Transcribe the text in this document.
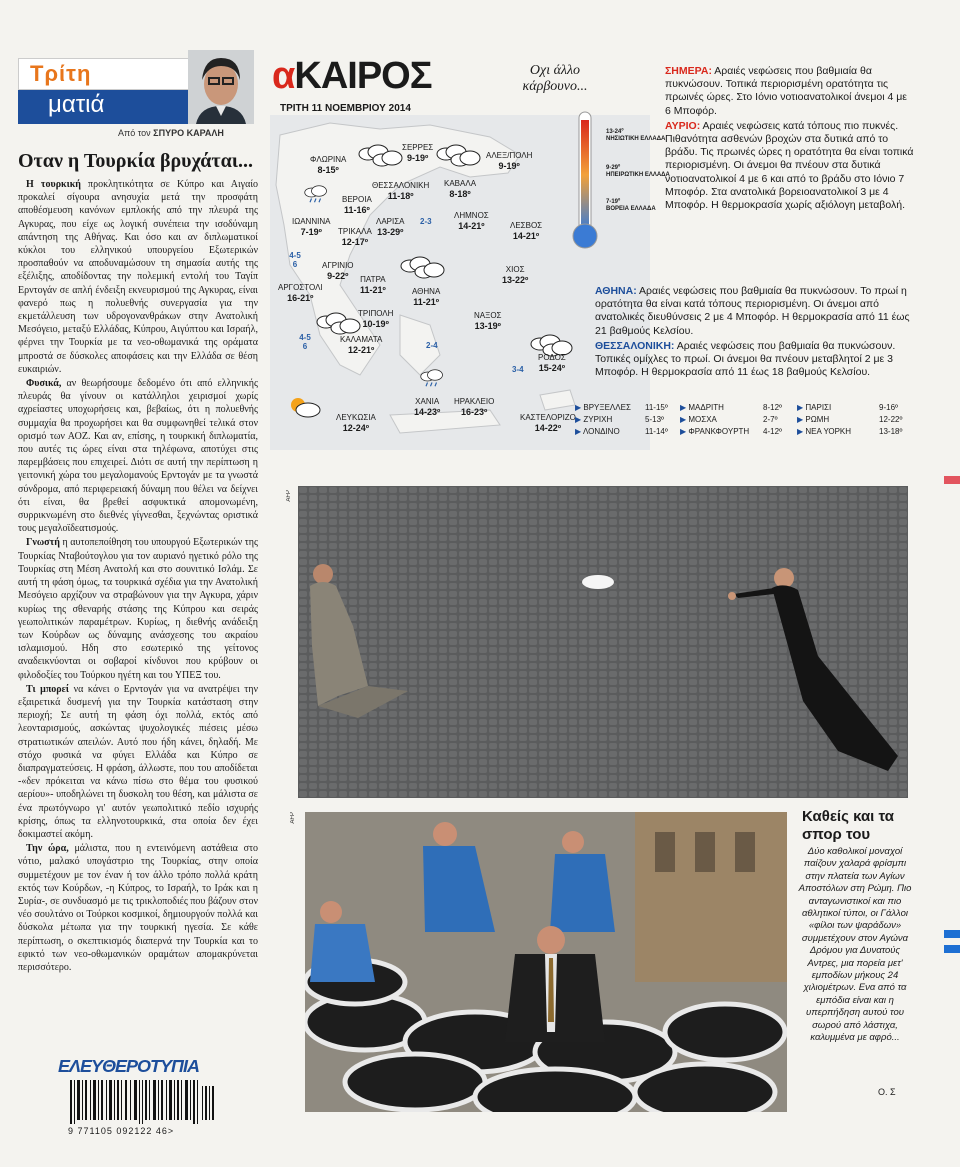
Τρίτη
ματιά
Από τον ΣΠΥΡΟ ΚΑΡΑΛΗ
Οταν η Τουρκία βρυχάται...

Η τουρκική προκλητικότητα σε Κύπρο και Αιγαίο προκαλεί σίγουρα ανησυχία μετά την προσφάτη αποθέσμευση κανόνων εμπλοκής από την πλευρά της Αγκυρας, που είχε ως λογική συνέπεια την ισοδύναμη απάντηση της Αθήνας. Και όσο και αν διπλωματικοί κύκλοι του ελληνικού υπουργείου Εξωτερικών προσπαθούν να αποδυναμώσουν τη σημασία αυτής της εξέλιξης, αποδίδοντας την πολεμική εντολή του Ταγίπ Ερντογάν σε απλή ένδειξη εκνευρισμού της Αγκυρας, είναι φανερό πως η πολυεθνής συνεργασία για την εκμετάλλευση των υδρογονανθράκων στην Ανατολική Μεσόγειο, μεταξύ Ελλάδας, Κύπρου, Αιγύπτου και Ισραήλ, φέρνει την Τουρκία με τα νεο-οθωμανικά της οράματα μπροστά σε δύσκολες αποφάσεις και την Ελλάδα σε θέση ευκαιριών.

Φυσικά, αν θεωρήσουμε δεδομένο ότι από ελληνικής πλευράς θα γίνουν οι κατάλληλοι χειρισμοί χωρίς αχρείαστες υποχωρήσεις και, βεβαίως, ότι η πολυεθνής συμμαχία θα προχωρήσει και θα συμφωνηθεί τελικά στον ορισμό των ΑΟΖ. Και αν, επίσης, η τουρκική διπλωματία, που αυτές τις ώρες είναι στα τηλέφωνα, αποτύχει στις παρεμβάσεις που επιχειρεί. Διότι σε αυτή την περίπτωση η γειτονική χώρα του μεγαλομανούς Ερντογάν με τα γνωστά σύνδρομα, από περιφερειακή δύναμη που θέλει να δείχνει ότι είναι, θα βρεθεί ασφυκτικά απομονωμένη, συρρικνωμένη στο διεθνές γίγνεσθαι, ξεχνώντας οριστικά τους μεγαλοϊδεατισμούς.

Γνωστή η αυτοπεποίθηση του υπουργού Εξωτερικών της Τουρκίας Νταβούτογλου για τον αυριανό ηγετικό ρόλο της Τουρκίας στη Μέση Ανατολή και στο σουνιτικό Ισλάμ. Σε αυτή τη φάση όμως, τα τουρκικά σχέδια για την Ανατολική Μεσόγειο αρχίζουν να στραβώνουν για την Αγκυρα, χάριν κυρίως της σθεναρής στάσης της Κύπρου και σειράς γεωπολιτικών παραμέτρων. Κυρίως, η διεθνής ανάδειξη των Κούρδων ως δύναμης ανάσχεσης του ακραίου ισλαμισμού. Ηδη στο εσωτερικό της γείτονος αναδεικνύονται οι σοβαροί κίνδυνοι που κρύβουν οι φιλοδοξίες του Τούρκου ηγέτη και του ΥΠΕΞ του.

Τι μπορεί να κάνει ο Ερντογάν για να ανατρέψει την εξαιρετικά δυσμενή για την Τουρκία κατάσταση στην περιοχή; Σε αυτή τη φάση όχι πολλά, εκτός από λεονταρισμούς, ασκώντας ψυχολογικές πιέσεις μέσω στρατιωτικών απειλών. Αυτό που ήδη κάνει, δηλαδή. Με στόχο φυσικά να φύγει Ελλάδα και Κύπρο σε διαπραγματεύσεις. Η φράση, άλλωστε, που του αποδίδεται -«δεν πρόκειται να κάνω πίσω στο θέμα του φυσικού αερίου»- υποδηλώνει τη δυσκολη του θέση, και μάλιστα σε ένα πρωτόγνωρο γι' αυτόν γεωπολιτικό πεδίο ισχυρής κρίσης, όπως τα ελληνοτουρκικά, στα οποία δεν έχει δοκιμαστεί ακόμη.

Την ώρα, μάλιστα, που η εντεινόμενη αστάθεια στο νότιο, μαλακό υπογάστριο της Τουρκίας, στην οποία συμμετέχουν με τον έναν ή τον άλλο τρόπο πολλά κράτη εκτός των Κούρδων, -η Κύπρος, το Ισραήλ, το Ιράκ και η Συρία-, σε συνδυασμό με τις τρικλοποδιές που βάζουν στον νέο σουλτάνο οι Τούρκοι κοσμικοί, δημιουργούν πολλά και δύσκολα μέτωπα για την τουρκική ηγεσία. Σε κάθε περίπτωση, ο σκεπτικισμός διαπερνά την Τουρκία και το εφικτό των νεο-οθωμανικών οραμάτων απομακρύνεται περισσότερο.

ΕΛΕΥΘΕΡΟΤΥΠΙΑ
9 771105 092122 46>
αΚΑΙΡΟΣ
ΤΡΙΤΗ 11 ΝΟΕΜΒΡΙΟΥ 2014
Οχι άλλο κάρβουνο...
ΦΛΩΡΙΝΑ
8-15º
ΣΕΡΡΕΣ
9-19º	ΑΛΕΞ/ΠΟΛΗ
9-19º
ΘΕΣΣΑΛΟΝΙΚΗ
11-18º
ΚΑΒΑΛΑ
8-18º
ΒΕΡΟΙΑ
11-16º
ΙΩΑΝΝΙΝΑ
7-19º	ΤΡΙΚΑΛΑ
12-17º
ΛΑΡΙΣΑ
13-29º
ΛΗΜΝΟΣ
14-21º	ΛΕΣΒΟΣ
14-21º
ΑΓΡΙΝΙΟ
9-22º
ΑΡΓΟΣΤΟΛΙ
16-21º
ΠΑΤΡΑ
11-21º	ΑΘΗΝΑ
11-21º
ΧΙΟΣ
13-22º
ΤΡΙΠΟΛΗ
10-19º
ΚΑΛΑΜΑΤΑ
12-21º
ΝΑΞΟΣ
13-19º
ΡΟΔΟΣ
15-24º
ΧΑΝΙΑ
14-23º
ΗΡΑΚΛΕΙΟ
16-23º
ΛΕΥΚΩΣΙΑ
12-24º
ΚΑΣΤΕΛΟΡΙΖΟ
14-22º
2-3
4-5 6
4-5 6	2-4
3-4
13-24º
ΝΗΣΙΩΤΙΚΗ ΕΛΛΑΔΑ
9-29º
ΗΠΕΙΡΩΤΙΚΗ ΕΛΛΑΔΑ
7-19º
ΒΟΡΕΙΑ ΕΛΛΑΔΑ

ΣΗΜΕΡΑ: Αραιές νεφώσεις που βαθμιαία θα πυκνώσουν. Τοπικά περιορισμένη ορατότητα τις πρωινές ώρες. Στο Ιόνιο νοτιοανατολικοί άνεμοι 4 με 6 Μποφόρ.

ΑΥΡΙΟ: Αραιές νεφώσεις κατά τόπους πιο πυκνές. Πιθανότητα ασθενών βροχών στα δυτικά από το βράδυ. Τις πρωινές ώρες η ορατότητα θα είναι τοπικά περιορισμένη. Οι άνεμοι θα πνέουν στα δυτικά νοτιοανατολικοί 4 με 6 και από το βράδυ στο Ιόνιο 7 Μποφόρ. Στα ανατολικά βορειοανατολικοί 3 με 4 Μποφόρ. Η θερμοκρασία χωρίς αξιόλογη μεταβολή.

ΑΘΗΝΑ: Αραιές νεφώσεις που βαθμιαία θα πυκνώσουν. Το πρωί η ορατότητα θα είναι κατά τόπους περιορισμένη. Οι άνεμοι από ανατολικές διευθύνσεις 2 με 4 Μποφόρ. Η θερμοκρασία από 11 έως 21 βαθμούς Κελσίου.

ΘΕΣΣΑΛΟΝΙΚΗ: Αραιές νεφώσεις που βαθμιαία θα πυκνώσουν. Τοπικές ομίχλες το πρωί. Οι άνεμοι θα πνέουν μεταβλητοί 2 με 3 Μποφόρ. Η θερμοκρασία από 11 έως 18 βαθμούς Κελσίου.

▶ ΒΡΥΞΕΛΛΕΣ 11-15º ▶ ΜΑΔΡΙΤΗ	8-12º ▶ ΠΑΡΙΣΙ	9-16º
▶ ΖΥΡΙΧΗ	5-13º ▶ ΜΟΣΧΑ	2-7º ▶ ΡΩΜΗ	12-22º
▶ ΛΟΝΔΙΝΟ	11-14º ▶ ΦΡΑΝΚΦΟΥΡΤΗ 4-12º ▶ ΝΕΑ ΥΟΡΚΗ	13-18º
AFP
AFP	Καθείς και τα σπορ του
Δύο καθολικοί μοναχοί παίζουν χαλαρά φρίσμπι στην πλατεία των Αγίων Αποστόλων στη Ρώμη. Πιο ανταγωνιστικοί και πιο αθλητικοί τύποι, οι Γάλλοι «φίλοι των ψαράδων» συμμετέχουν στον Αγώνα Δρόμου για Δυνατούς Αντρες, μια πορεία μετ' εμποδίων μήκους 24 χιλιομέτρων. Ενα από τα εμπόδια είναι και η υπερπήδηση αυτού του σωρού από λάστιχα, καλυμμένα με αφρό...
Ο. Σ
